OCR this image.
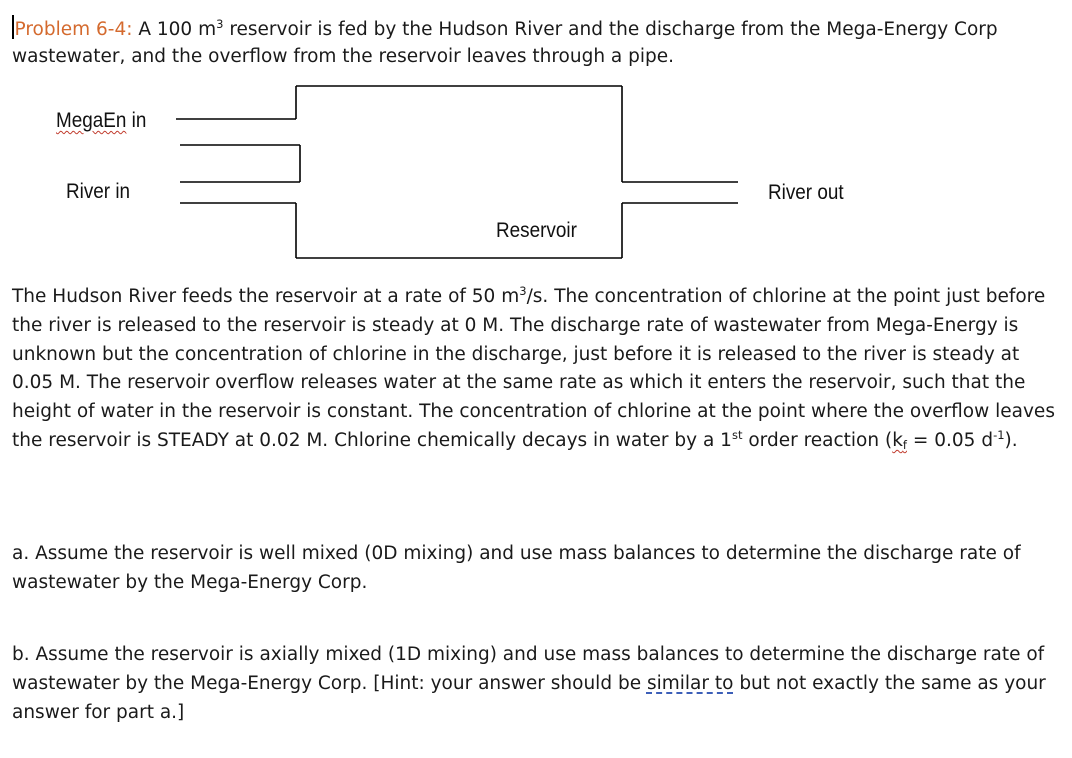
Problem 6-4: A 100 $m^3$ reservoir is fed by the Hudson River and the discharge from the Mega-Energy Corp wastewater, and the overflow from the reservoir leaves through a pipe.

MegaEn in
River in	River out
Reservoir

The Hudson River feeds the reservoir at a rate of 50 $m^3/s$. The concentration of chlorine at the point just before the river is released to the reservoir is steady at 0 M. The discharge rate of wastewater from Mega-Energy is unknown but the concentration of chlorine in the discharge, just before it is released to the river is steady at 0.05 M. The reservoir overflow releases water at the same rate as which it enters the reservoir, such that the height of water in the reservoir is constant. The concentration of chlorine at the point where the overflow leaves the reservoir is STEADY at 0.02 M. Chlorine chemically decays in water by a 1st order reaction ($k_f = 0.05$ $d^{-1}$).

a. Assume the reservoir is well mixed (0D mixing) and use mass balances to determine the discharge rate of wastewater by the Mega-Energy Corp.

b. Assume the reservoir is axially mixed (1D mixing) and use mass balances to determine the discharge rate of wastewater by the Mega-Energy Corp. [Hint: your answer should be similar to but not exactly the same as your answer for part a.]
